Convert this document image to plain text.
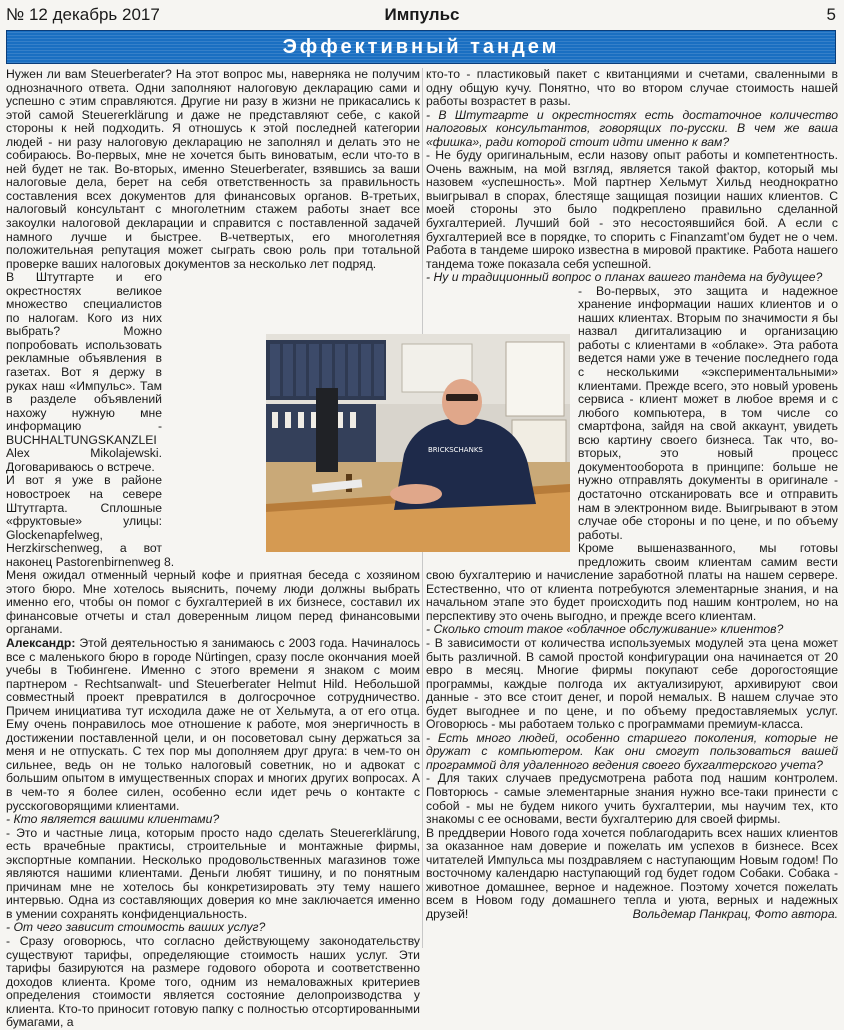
№ 12 декабрь 2017	Импульс	5
Эффективный тандем

Нужен ли вам Steuerberater? На этот вопрос мы, наверняка не получим однозначного ответа. Одни заполняют налоговую декларацию сами и успешно с этим справляются. Другие ни разу в жизни не прикасались к этой самой Steuererklärung и даже не представляют себе, с какой стороны к ней подходить. Я отношусь к этой последней категории людей - ни разу налоговую декларацию не заполнял и делать это не собираюсь. Во-первых, мне не хочется быть виноватым, если что-то в ней будет не так. Во-вторых, именно Steuerberater, взявшись за ваши налоговые дела, берет на себя ответственность за правильность составления всех документов для финансовых органов. В-третьих, налоговый консультант с многолетним стажем работы знает все закоулки налоговой декларации и справится с поставленной задачей намного лучше и быстрее. В-четвертых, его многолетняя положительная репутация может сыграть свою роль при тотальной проверке ваших налоговых документов за несколько лет подряд.

В Штутгарте и его окрестностях великое множество специалистов по налогам. Кого из них выбрать? Можно попробовать использовать рекламные объявления в газетах. Вот я держу в руках наш «Импульс». Там в разделе объявлений нахожу нужную мне информацию - BUCHHALTUNGSKANZLEI Alex Mikolajewski. Договариваюсь о встрече.

И вот я уже в районе новостроек на севере Штутгарта. Сплошные «фруктовые» улицы: Glockenapfelweg, Herzkirschenweg, а вот наконец Pastorenbirnenweg 8.

Меня ожидал отменный черный кофе и приятная беседа с хозяином этого бюро. Мне хотелось выяснить, почему люди должны выбрать именно его, чтобы он помог с бухгалтерией в их бизнесе, составил их финансовые отчеты и стал доверенным лицом перед финансовыми органами.

Александр: Этой деятельностью я занимаюсь с 2003 года. Начиналось все с маленького бюро в городе Nürtingen, сразу после окончания моей учебы в Тюбингене. Именно с этого времени я знаком с моим партнером - Rechtsanwalt- und Steuerberater Helmut Hild. Небольшой совместный проект превратился в долгосрочное сотрудничество. Причем инициатива тут исходила даже не от Хельмута, а от его отца. Ему очень понравилось мое отношение к работе, моя энергичность в достижении поставленной цели, и он посоветовал сыну держаться за меня и не отпускать. С тех пор мы дополняем друг друга: в чем-то он сильнее, ведь он не только налоговый советник, но и адвокат с большим опытом в имущественных спорах и многих других вопросах. А в чем-то я более силен, особенно если идет речь о контакте с русскоговорящими клиентами.

- Кто является вашими клиентами?

- Это и частные лица, которым просто надо сделать Steuererklärung, есть врачебные практисы, строительные и монтажные фирмы, экспортные компании. Несколько продовольственных магазинов тоже являются нашими клиентами. Деньги любят тишину, и по понятным причинам мне не хотелось бы конкретизировать эту тему нашего интервью. Одна из составляющих доверия ко мне заключается именно в умении сохранять конфиденциальность.

- От чего зависит стоимость ваших услуг?

- Сразу оговорюсь, что согласно действующему законодательству существуют тарифы, определяющие стоимость наших услуг. Эти тарифы базируются на размере годового оборота и соответственно доходов клиента. Кроме того, одним из немаловажных критериев определения стоимости является состояние делопроизводства у клиента. Кто-то приносит готовую папку с полностью отсортированными бумагами, а

кто-то - пластиковый пакет с квитанциями и счетами, сваленными в одну общую кучу. Понятно, что во втором случае стоимость нашей работы возрастет в разы.

- В Штутгарте и окрестностях есть достаточное количество налоговых консультантов, говорящих по-русски. В чем же ваша «фишка», ради которой стоит идти именно к вам?

- Не буду оригинальным, если назову опыт работы и компетентность. Очень важным, на мой взгляд, является такой фактор, который мы назовем «успешность». Мой партнер Хельмут Хильд неоднократно выигрывал в спорах, блестяще защищая позиции наших клиентов. С моей стороны это было подкреплено правильно сделанной бухгалтерией. Лучший бой - это несостоявшийся бой. А если с бухгалтерией все в порядке, то спорить с Finanzamt’ом будет не о чем. Работа в тандеме широко известна в мировой практике. Работа нашего тандема тоже показала себя успешной.

- Ну и традиционный вопрос о планах вашего тандема на будущее?

- Во-первых, это защита и надежное хранение информации наших клиентов и о наших клиентах. Вторым по значимости я бы назвал дигитализацию и организацию работы с клиентами в «облаке». Эта работа ведется нами уже в течение последнего года с несколькими «экспериментальными» клиентами. Прежде всего, это новый уровень сервиса - клиент может в любое время и с любого компьютера, в том числе со смартфона, зайдя на свой аккаунт, увидеть всю картину своего бизнеса. Так что, во-вторых, это новый процесс документооборота в принципе: больше не нужно отправлять документы в оригинале - достаточно отсканировать все и отправить нам в электронном виде. Выигрывают в этом случае обе стороны и по цене, и по объему работы.

Кроме вышеназванного, мы готовы предложить своим клиентам самим вести свою бухгалтерию и начисление заработной платы на нашем сервере. Естественно, что от клиента потребуются элементарные знания, и на начальном этапе это будет происходить под нашим контролем, но на перспективу это очень выгодно, и прежде всего клиентам.

- Сколько стоит такое «облачное обслуживание» клиентов?

- В зависимости от количества используемых модулей эта цена может быть различной. В самой простой конфигурации она начинается от 20 евро в месяц. Многие фирмы покупают себе дорогостоящие программы, каждые полгода их актуализируют, архивируют свои данные - это все стоит денег, и порой немалых. В нашем случае это будет выгоднее и по цене, и по объему предоставляемых услуг. Оговорюсь - мы работаем только с программами премиум-класса.

- Есть много людей, особенно старшего поколения, которые не дружат с компьютером. Как они смогут пользоваться вашей программой для удаленного ведения своего бухгалтерского учета?

- Для таких случаев предусмотрена работа под нашим контролем. Повторюсь - самые элементарные знания нужно все-таки принести с собой - мы не будем никого учить бухгалтерии, мы научим тех, кто знакомы с ее основами, вести бухгалтерию для своей фирмы.

В преддверии Нового года хочется поблагодарить всех наших клиентов за оказанное нам доверие и пожелать им успехов в бизнесе. Всех читателей Импульса мы поздравляем с наступающим Новым годом! По восточному календарю наступающий год будет годом Собаки. Собака - животное домашнее, верное и надежное. Поэтому хочется пожелать всем в Новом году домашнего тепла и уюта, верных и надежных друзей!	Вольдемар Панкрац, Фото автора.

BRICKSCHANKS
